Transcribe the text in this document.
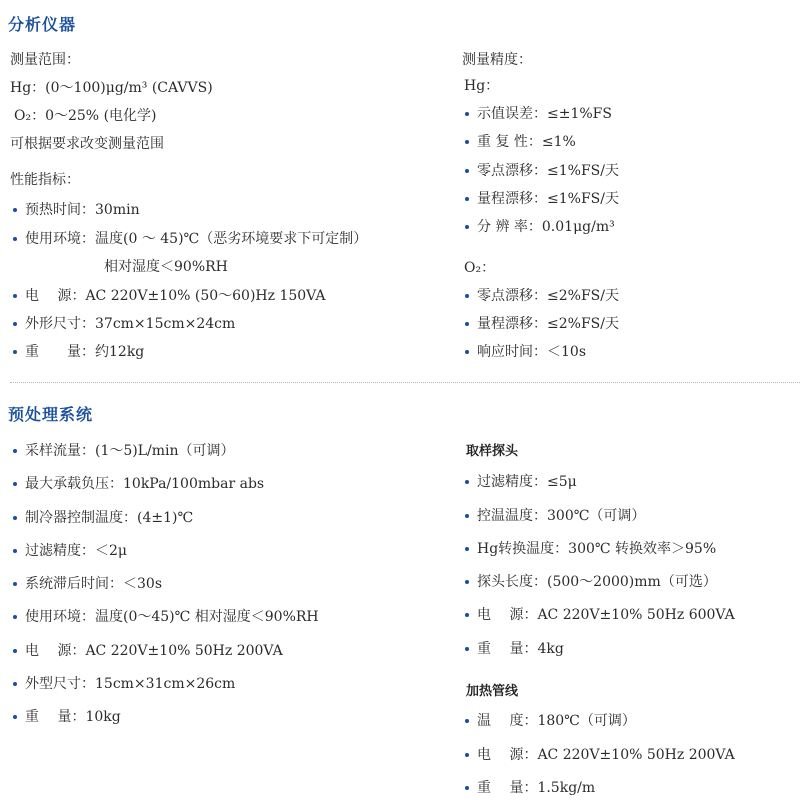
分析仪器
测量范围：
Hg：(0～100)μg/m³ (CAVVS)
O₂：0～25% (电化学)
可根据要求改变测量范围
性能指标：
预热时间：30min
使用环境：温度(0 ～ 45)℃（恶劣环境要求下可定制）
相对湿度＜90%RH
电　 源：AC 220V±10% (50～60)Hz 150VA
外形尺寸：37cm×15cm×24cm
重　　量：约12kg
测量精度：
Hg：
示值误差：≤±1%FS
重 复 性：≤1%
零点漂移：≤1%FS/天
量程漂移：≤1%FS/天
分 辨 率：0.01μg/m³
O₂：
零点漂移：≤2%FS/天
量程漂移：≤2%FS/天
响应时间：＜10s
预处理系统
采样流量：(1～5)L/min（可调）
最大承载负压：10kPa/100mbar abs
制冷器控制温度：(4±1)℃
过滤精度：＜2μ
系统滞后时间：＜30s
使用环境：温度(0～45)℃ 相对湿度＜90%RH
电　 源：AC 220V±10% 50Hz 200VA
外型尺寸：15cm×31cm×26cm
重　 量：10kg
取样探头
过滤精度：≤5μ
控温温度：300℃（可调）
Hg转换温度：300℃ 转换效率＞95%
探头长度：(500～2000)mm（可选）
电　 源：AC 220V±10% 50Hz 600VA
重　 量：4kg
加热管线
温　 度：180℃（可调）
电　 源：AC 220V±10% 50Hz 200VA
重　 量：1.5kg/m
